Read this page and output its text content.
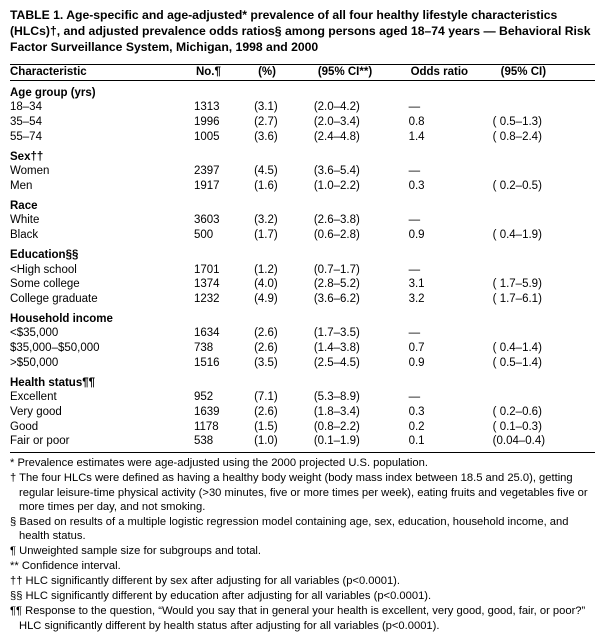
TABLE 1. Age-specific and age-adjusted* prevalence of all four healthy lifestyle characteristics (HLCs)†, and adjusted prevalence odds ratios§ among persons aged 18–74 years — Behavioral Risk Factor Surveillance System, Michigan, 1998 and 2000
Characteristic	No.¶	(%)	(95% CI**)	Odds ratio	(95% CI)

Age group (yrs)					
18–34	1313	(3.1)	(2.0–4.2)	—	
35–54	1996	(2.7)	(2.0–3.4)	0.8	( 0.5–1.3)
55–74	1005	(3.6)	(2.4–4.8)	1.4	( 0.8–2.4)

Sex††					
Women	2397	(4.5)	(3.6–5.4)	—	
Men	1917	(1.6)	(1.0–2.2)	0.3	( 0.2–0.5)

Race					
White	3603	(3.2)	(2.6–3.8)	—	
Black	500	(1.7)	(0.6–2.8)	0.9	( 0.4–1.9)

Education§§					
<High school	1701	(1.2)	(0.7–1.7)	—	
Some college	1374	(4.0)	(2.8–5.2)	3.1	( 1.7–5.9)
College graduate	1232	(4.9)	(3.6–6.2)	3.2	( 1.7–6.1)

Household income					
<$35,000	1634	(2.6)	(1.7–3.5)	—	
$35,000–$50,000	738	(2.6)	(1.4–3.8)	0.7	( 0.4–1.4)
>$50,000	1516	(3.5)	(2.5–4.5)	0.9	( 0.5–1.4)

Health status¶¶					
Excellent	952	(7.1)	(5.3–8.9)	—	
Very good	1639	(2.6)	(1.8–3.4)	0.3	( 0.2–0.6)
Good	1178	(1.5)	(0.8–2.2)	0.2	( 0.1–0.3)
Fair or poor	538	(1.0)	(0.1–1.9)	0.1	(0.04–0.4)

* Prevalence estimates were age-adjusted using the 2000 projected U.S. population.

† The four HLCs were defined as having a healthy body weight (body mass index between 18.5 and 25.0), getting regular leisure-time physical activity (>30 minutes, five or more times per week), eating fruits and vegetables five or more times per day, and not smoking.

§ Based on results of a multiple logistic regression model containing age, sex, education, household income, and health status.

¶ Unweighted sample size for subgroups and total.

** Confidence interval.

†† HLC significantly different by sex after adjusting for all variables (p<0.0001).

§§ HLC significantly different by education after adjusting for all variables (p<0.0001).

¶¶ Response to the question, “Would you say that in general your health is excellent, very good, good, fair, or poor?” HLC significantly different by health status after adjusting for all variables (p<0.0001).
